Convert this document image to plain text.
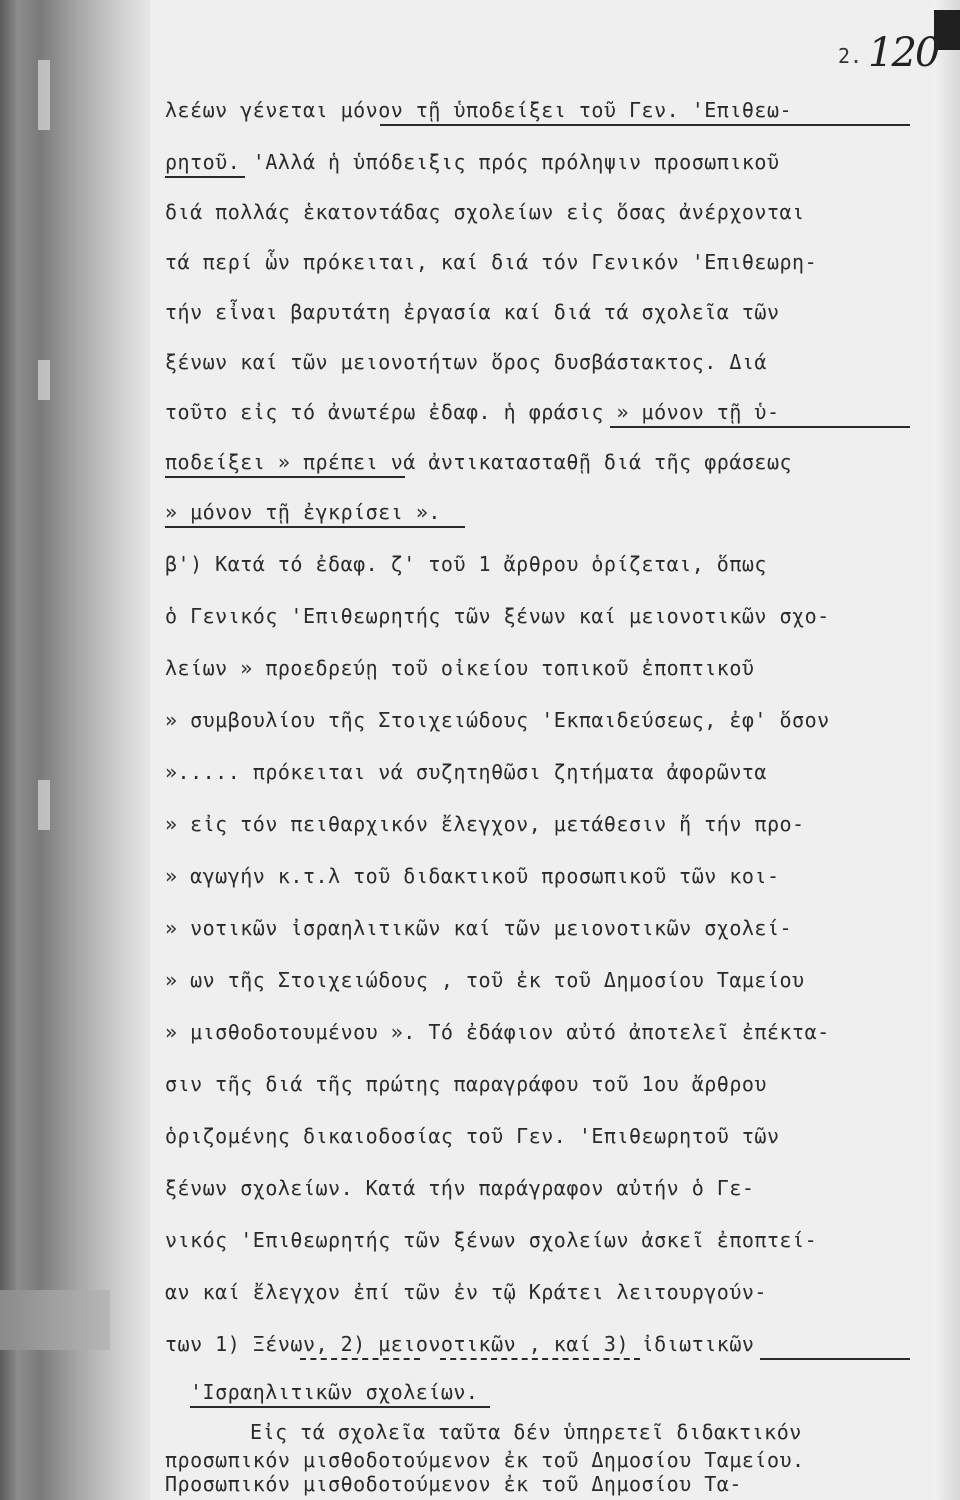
2. 120
λεέων γένεται μόνον τῇ ὑποδείξει τοῦ Γεν. 'Επιθεω-
ρητοῦ. 'Αλλά ἡ ὑπόδειξις πρός πρόληψιν προσωπικοῦ
διά πολλάς ἑκατοντάδας σχολείων εἰς ὅσας ἀνέρχονται
τά περί ὧν πρόκειται, καί διά τόν Γενικόν 'Επιθεωρη-
τήν εἶναι βαρυτάτη ἐργασία καί διά τά σχολεῖα τῶν
ξένων καί τῶν μειονοτήτων ὅρος δυσβάστακτος. Διά
τοῦτο εἰς τό ἀνωτέρω ἐδαφ. ἡ φράσις » μόνον τῇ ὑ-
ποδείξει » πρέπει νά ἀντικατασταθῇ διά τῆς φράσεως
» μόνον τῇ ἐγκρίσει ».
β') Κατά τό ἐδαφ. ζ' τοῦ 1 ἄρθρου ὁρίζεται, ὅπως
ὁ Γενικός 'Επιθεωρητής τῶν ξένων καί μειονοτικῶν σχο-
λείων » προεδρεύῃ τοῦ οἰκείου τοπικοῦ ἐποπτικοῦ
» συμβουλίου τῆς Στοιχειώδους 'Εκπαιδεύσεως, ἐφ' ὅσον
»..... πρόκειται νά συζητηθῶσι ζητήματα ἀφορῶντα
» εἰς τόν πειθαρχικόν ἔλεγχον, μετάθεσιν ἤ τήν προ-
» αγωγήν κ.τ.λ τοῦ διδακτικοῦ προσωπικοῦ τῶν κοι-
» νοτικῶν ἰσραηλιτικῶν καί τῶν μειονοτικῶν σχολεί-
» ων τῆς Στοιχειώδους , τοῦ ἐκ τοῦ Δημοσίου Ταμείου
» μισθοδοτουμένου ». Τό ἐδάφιον αὐτό ἀποτελεῖ ἐπέκτα-
σιν τῆς διά τῆς πρώτης παραγράφου τοῦ 1ου ἄρθρου
ὁριζομένης δικαιοδοσίας τοῦ Γεν. 'Επιθεωρητοῦ τῶν
ξένων σχολείων. Κατά τήν παράγραφον αὐτήν ὁ Γε-
νικός 'Επιθεωρητής τῶν ξένων σχολείων ἀσκεῖ ἐποπτεί-
αν καί ἔλεγχον ἐπί τῶν ἐν τῷ Κράτει λειτουργούν-
των 1) Ξένων, 2) μειονοτικῶν , καί 3) ἰδιωτικῶν
'Ισραηλιτικῶν σχολείων.
Εἰς τά σχολεῖα ταῦτα δέν ὑπηρετεῖ διδακτικόν
προσωπικόν μισθοδοτούμενον ἐκ τοῦ Δημοσίου Ταμείου.
Προσωπικόν μισθοδοτούμενον ἐκ τοῦ Δημοσίου Τα-
